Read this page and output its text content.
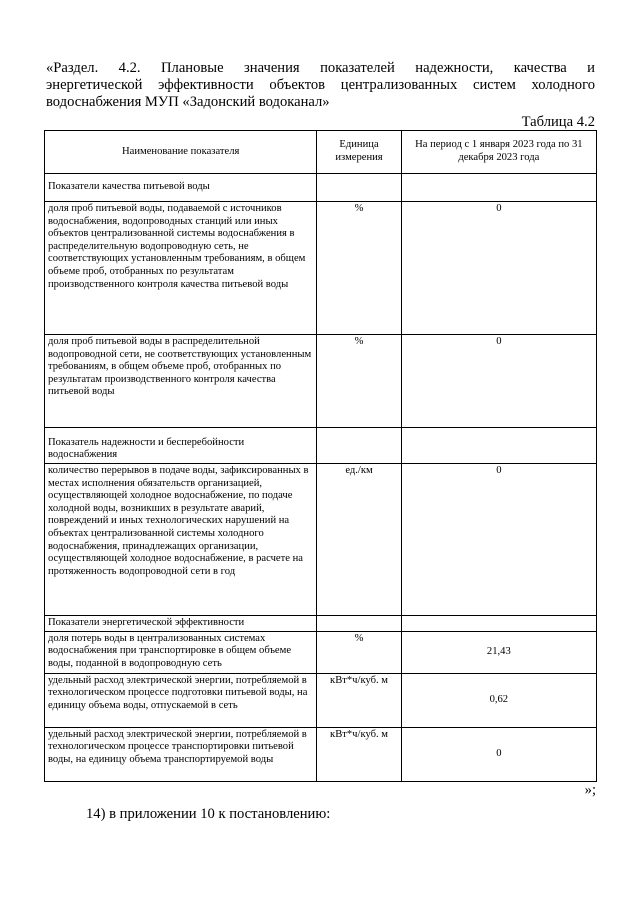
«Раздел. 4.2. Плановые значения показателей надежности, качества и
энергетической эффективности объектов централизованных систем холодного
водоснабжения МУП «Задонский водоканал»
Таблица 4.2
Наименование показателя	Единица измерения	На период с 1 января 2023 года по 31 декабря 2023 года
Показатели качества питьевой воды		
доля проб питьевой воды, подаваемой с источников водоснабжения, водопроводных станций или иных объектов централизованной системы водоснабжения в распределительную водопроводную сеть, не соответствующих установленным требованиям, в общем объеме проб, отобранных по результатам производственного контроля качества питьевой воды	%	0
доля проб питьевой воды в распределительной водопроводной сети, не соответствующих установленным требованиям, в общем объеме проб, отобранных по результатам производственного контроля качества питьевой воды	%	0
Показатель надежности и бесперебойности водоснабжения		
количество перерывов в подаче воды, зафиксированных в местах исполнения обязательств организацией, осуществляющей холодное водоснабжение, по подаче холодной воды, возникших в результате аварий, повреждений и иных технологических нарушений на объектах централизованной системы холодного водоснабжения, принадлежащих организации, осуществляющей холодное водоснабжение, в расчете на протяженность водопроводной сети в год	ед./км	0
Показатели энергетической эффективности		
доля потерь воды в централизованных системах водоснабжения при транспортировке в общем объеме воды, поданной в водопроводную сеть	%	21,43
удельный расход электрической энергии, потребляемой в технологическом процессе подготовки питьевой воды, на единицу объема воды, отпускаемой в сеть	кВт*ч/куб. м	0,62
удельный расход электрической энергии, потребляемой в технологическом процессе транспортировки питьевой воды, на единицу объема транспортируемой воды	кВт*ч/куб. м	0
»;
14) в приложении 10 к постановлению:
